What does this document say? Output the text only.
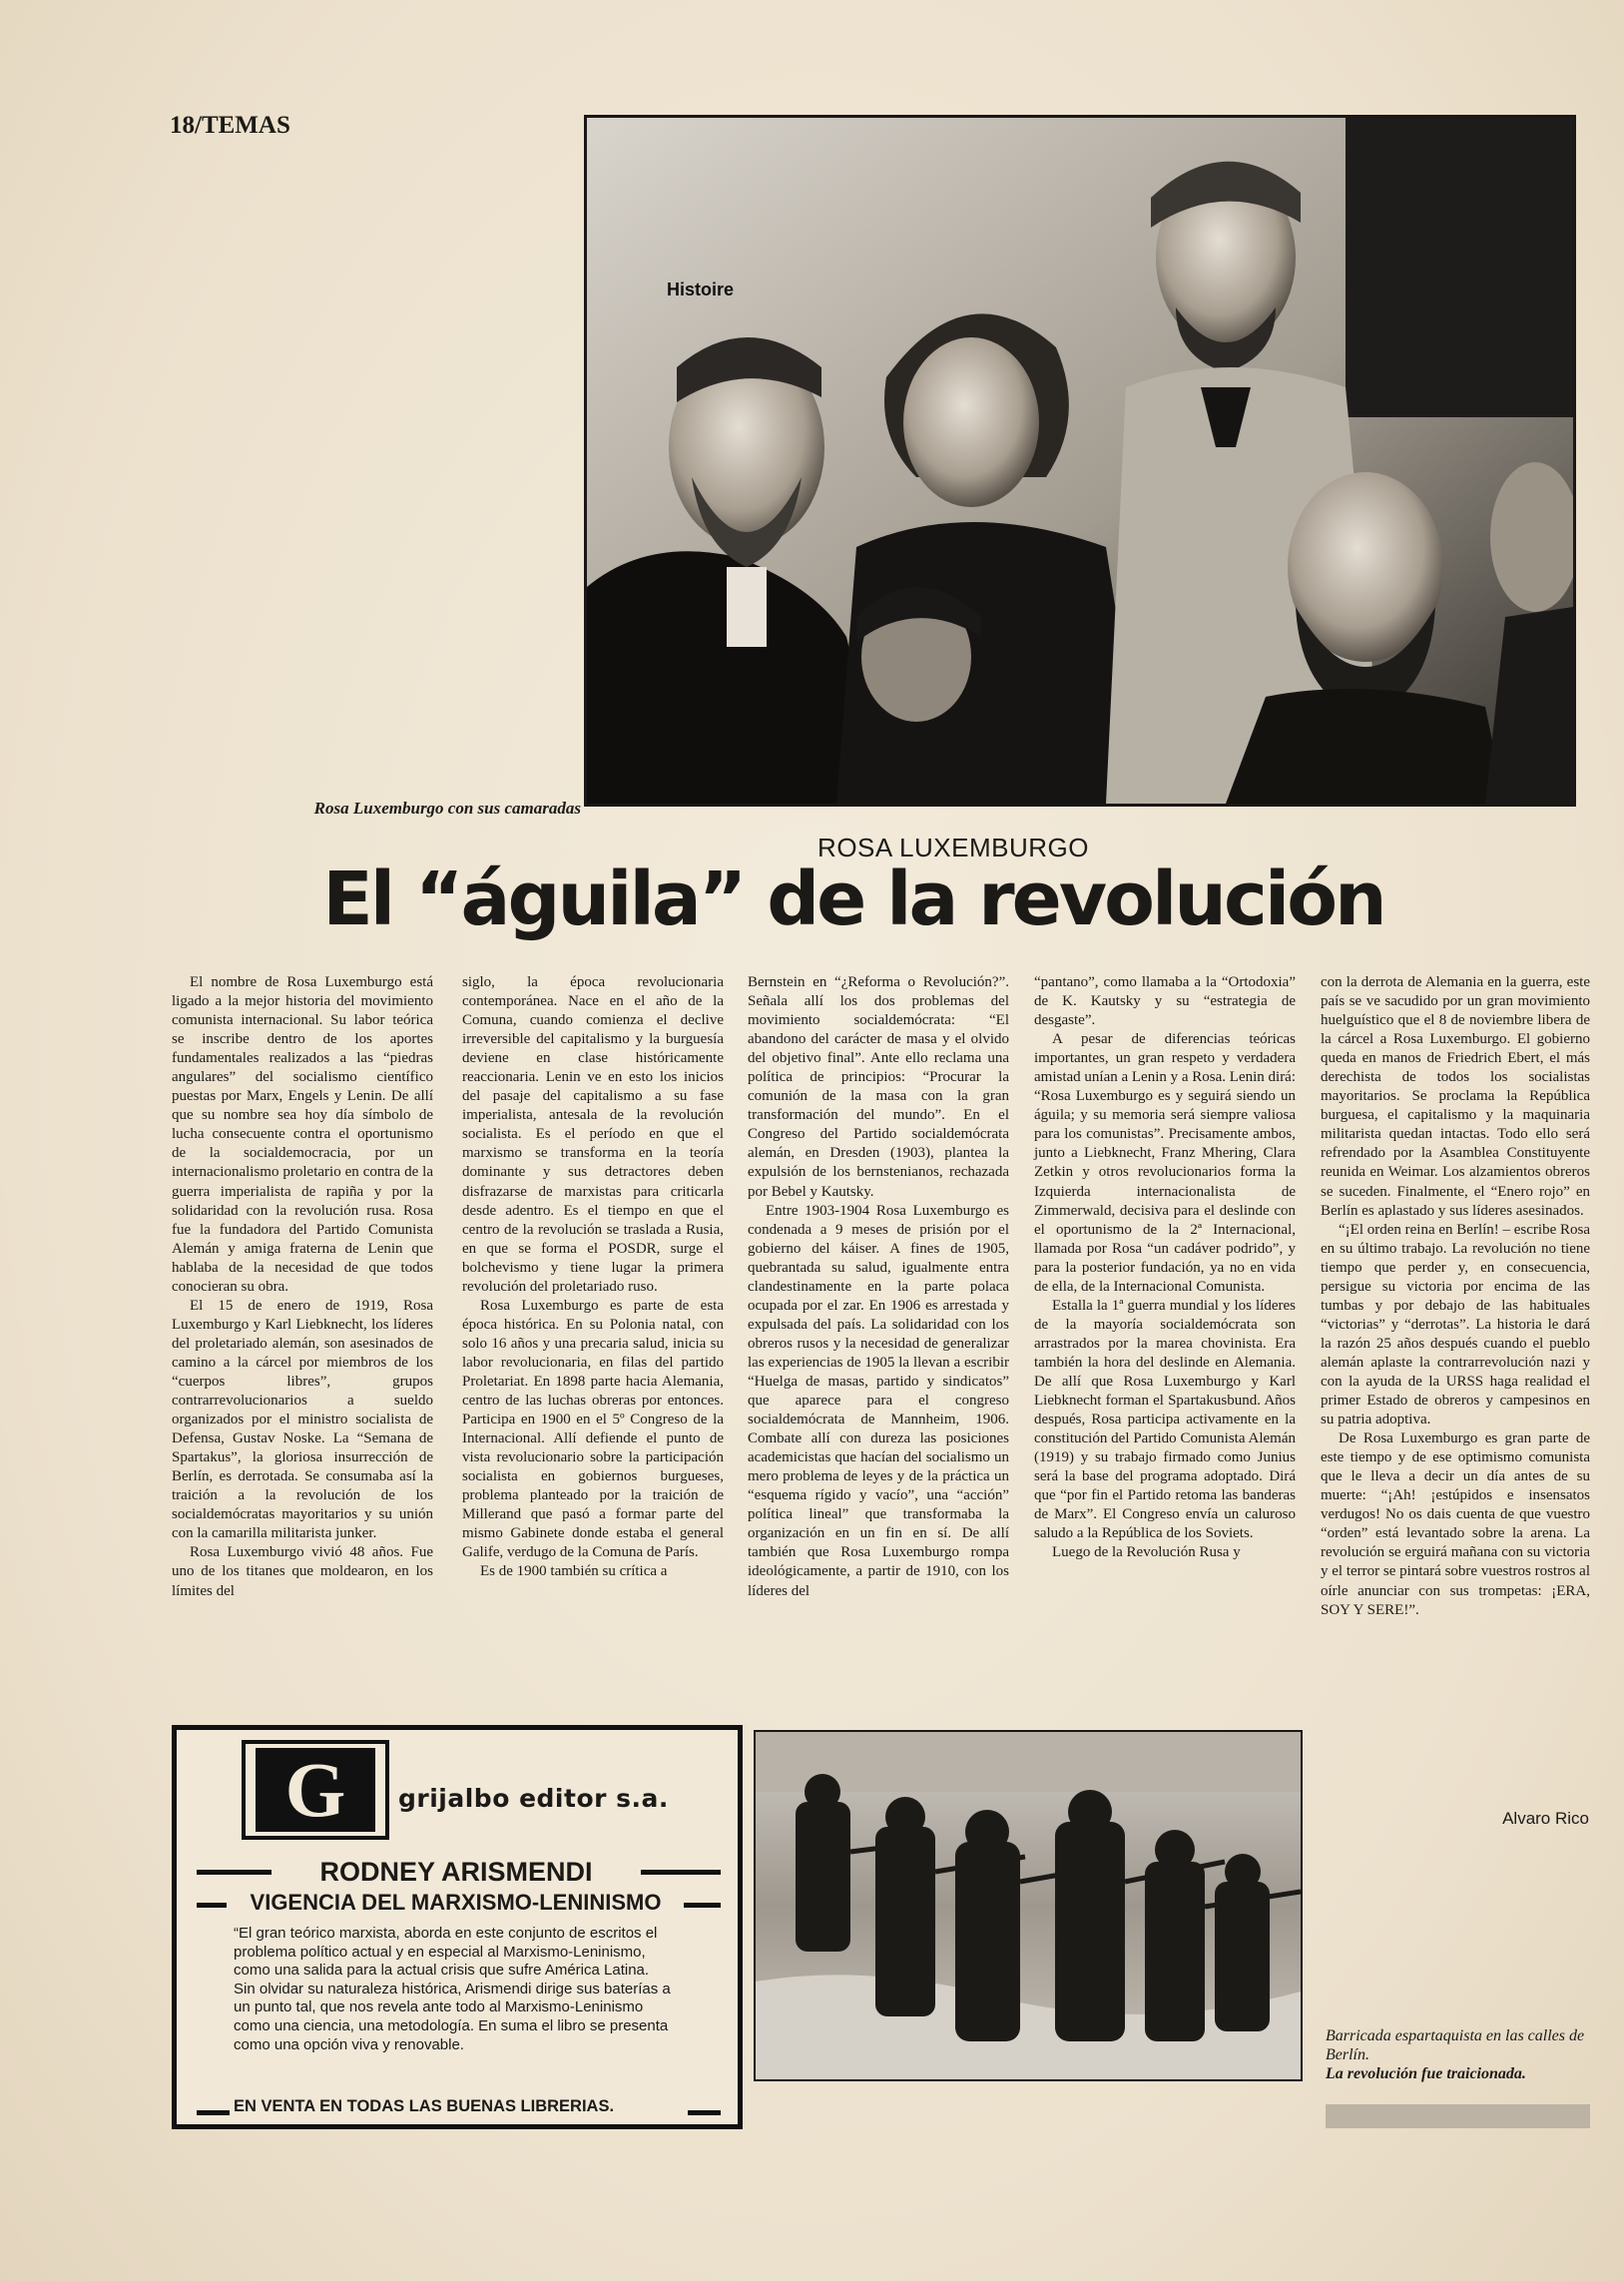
18/TEMAS
Histoire
Rosa Luxemburgo con sus camaradas
ROSA LUXEMBURGO
El “águila” de la revolución

El nombre de Rosa Luxemburgo está ligado a la mejor historia del movimiento comunista internacional. Su labor teórica se inscribe dentro de los aportes fundamentales realizados a las “piedras angulares” del socialismo científico puestas por Marx, Engels y Lenin. De allí que su nombre sea hoy día símbolo de lucha consecuente contra el oportunismo de la socialdemocracia, por un internacionalismo proletario en contra de la guerra imperialista de rapiña y por la solidaridad con la revolución rusa. Rosa fue la fundadora del Partido Comunista Alemán y amiga fraterna de Lenin que hablaba de la necesidad de que todos conocieran su obra.

El 15 de enero de 1919, Rosa Luxemburgo y Karl Liebknecht, los líderes del proletariado alemán, son asesinados de camino a la cárcel por miembros de los “cuerpos libres”, grupos contrarrevolucionarios a sueldo organizados por el ministro socialista de Defensa, Gustav Noske. La “Semana de Spartakus”, la gloriosa insurrección de Berlín, es derrotada. Se consumaba así la traición a la revolución de los socialdemócratas mayoritarios y su unión con la camarilla militarista junker.

Rosa Luxemburgo vivió 48 años. Fue uno de los titanes que moldearon, en los límites del

siglo, la época revolucionaria contemporánea. Nace en el año de la Comuna, cuando comienza el declive irreversible del capitalismo y la burguesía deviene en clase históricamente reaccionaria. Lenin ve en esto los inicios del pasaje del capitalismo a su fase imperialista, antesala de la revolución socialista. Es el período en que el marxismo se transforma en la teoría dominante y sus detractores deben disfrazarse de marxistas para criticarla desde adentro. Es el tiempo en que el centro de la revolución se traslada a Rusia, en que se forma el POSDR, surge el bolchevismo y tiene lugar la primera revolución del proletariado ruso.

Rosa Luxemburgo es parte de esta época histórica. En su Polonia natal, con solo 16 años y una precaria salud, inicia su labor revolucionaria, en filas del partido Proletariat. En 1898 parte hacia Alemania, centro de las luchas obreras por entonces. Participa en 1900 en el 5º Congreso de la Internacional. Allí defiende el punto de vista revolucionario sobre la participación socialista en gobiernos burgueses, problema planteado por la traición de Millerand que pasó a formar parte del mismo Gabinete donde estaba el general Galife, verdugo de la Comuna de París.

Es de 1900 también su crítica a

Bernstein en “¿Reforma o Revolución?”. Señala allí los dos problemas del movimiento socialdemócrata: “El abandono del carácter de masa y el olvido del objetivo final”. Ante ello reclama una política de principios: “Procurar la comunión de la masa con la gran transformación del mundo”. En el Congreso del Partido socialdemócrata alemán, en Dresden (1903), plantea la expulsión de los bernstenianos, rechazada por Bebel y Kautsky.

Entre 1903-1904 Rosa Luxemburgo es condenada a 9 meses de prisión por el gobierno del káiser. A fines de 1905, quebrantada su salud, igualmente entra clandestinamente en la parte polaca ocupada por el zar. En 1906 es arrestada y expulsada del país. La solidaridad con los obreros rusos y la necesidad de generalizar las experiencias de 1905 la llevan a escribir “Huelga de masas, partido y sindicatos” que aparece para el congreso socialdemócrata de Mannheim, 1906. Combate allí con dureza las posiciones academicistas que hacían del socialismo un mero problema de leyes y de la práctica un “esquema rígido y vacío”, una “acción” política lineal” que transformaba la organización en un fin en sí. De allí también que Rosa Luxemburgo rompa ideológicamente, a partir de 1910, con los líderes del

“pantano”, como llamaba a la “Ortodoxia” de K. Kautsky y su “estrategia de desgaste”.

A pesar de diferencias teóricas importantes, un gran respeto y verdadera amistad unían a Lenin y a Rosa. Lenin dirá: “Rosa Luxemburgo es y seguirá siendo un águila; y su memoria será siempre valiosa para los comunistas”. Precisamente ambos, junto a Liebknecht, Franz Mhering, Clara Zetkin y otros revolucionarios forma la Izquierda internacionalista de Zimmerwald, decisiva para el deslinde con el oportunismo de la 2ª Internacional, llamada por Rosa “un cadáver podrido”, y para la posterior fundación, ya no en vida de ella, de la Internacional Comunista.

Estalla la 1ª guerra mundial y los líderes de la mayoría socialdemócrata son arrastrados por la marea chovinista. Era también la hora del deslinde en Alemania. De allí que Rosa Luxemburgo y Karl Liebknecht forman el Spartakusbund. Años después, Rosa participa activamente en la constitución del Partido Comunista Alemán (1919) y su trabajo firmado como Junius será la base del programa adoptado. Dirá que “por fin el Partido retoma las banderas de Marx”. El Congreso envía un caluroso saludo a la República de los Soviets.

Luego de la Revolución Rusa y

con la derrota de Alemania en la guerra, este país se ve sacudido por un gran movimiento huelguístico que el 8 de noviembre libera de la cárcel a Rosa Luxemburgo. El gobierno queda en manos de Friedrich Ebert, el más derechista de todos los socialistas mayoritarios. Se proclama la República burguesa, el capitalismo y la maquinaria militarista quedan intactas. Todo ello será refrendado por la Asamblea Constituyente reunida en Weimar. Los alzamientos obreros se suceden. Finalmente, el “Enero rojo” en Berlín es aplastado y sus líderes asesinados.

“¡El orden reina en Berlín! – escribe Rosa en su último trabajo. La revolución no tiene tiempo que perder y, en consecuencia, persigue su victoria por encima de las tumbas y por debajo de las habituales “victorias” y “derrotas”. La historia le dará la razón 25 años después cuando el pueblo alemán aplaste la contrarrevolución nazi y con la ayuda de la URSS haga realidad el primer Estado de obreros y campesinos en su patria adoptiva.

De Rosa Luxemburgo es gran parte de este tiempo y de ese optimismo comunista que le lleva a decir un día antes de su muerte: “¡Ah! ¡estúpidos e insensatos verdugos! No os dais cuenta de que vuestro “orden” está levantado sobre la arena. La revolución se erguirá mañana con su victoria y el terror se pintará sobre vuestros rostros al oírle anunciar con sus trompetas: ¡ERA, SOY Y SERE!”.

Alvaro Rico
G	grijalbo editor s.a.
RODNEY ARISMENDI
VIGENCIA DEL MARXISMO-LENINISMO

“El gran teórico marxista, aborda en este conjunto de escritos el problema político actual y en especial al Marxismo-Leninismo, como una salida para la actual crisis que sufre América Latina.

Sin olvidar su naturaleza histórica, Arismendi dirige sus baterías a un punto tal, que nos revela ante todo al Marxismo-Leninismo como una ciencia, una metodología. En suma el libro se presenta como una opción viva y renovable.

EN VENTA EN TODAS LAS BUENAS LIBRERIAS.
Barricada espartaquista en las calles de Berlín.
La revolución fue traicionada.
